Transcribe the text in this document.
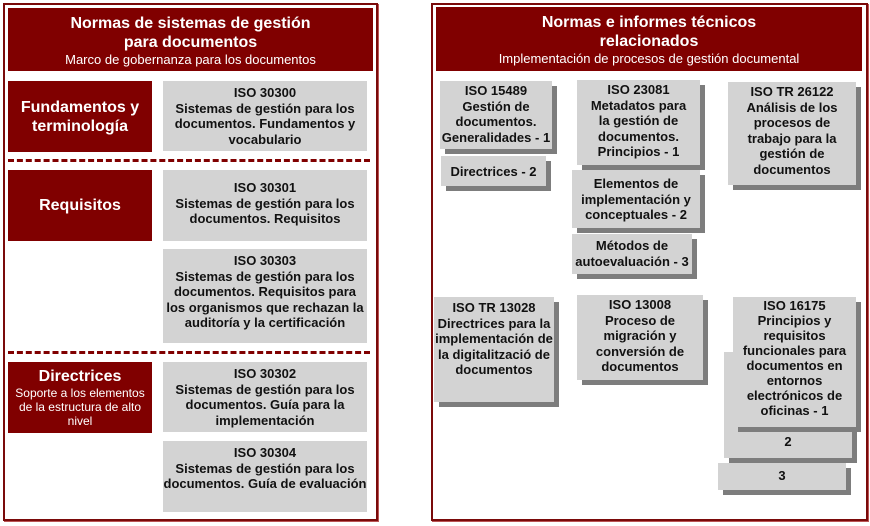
Normas de sistemas de gestión para documentos
Marco de gobernanza para los documentos
Fundamentos y terminología
ISO 30300
Sistemas de gestión para los documentos. Fundamentos y vocabulario
Requisitos
ISO 30301
Sistemas de gestión para los documentos. Requisitos
ISO 30303
Sistemas de gestión para los documentos. Requisitos para los organismos que rechazan la auditoría y la certificación
Directrices
Soporte a los elementos de la estructura de alto nivel
ISO 30302
Sistemas de gestión para los documentos. Guía para la implementación
ISO 30304
Sistemas de gestión para los documentos. Guía de evaluación
Normas e informes técnicos relacionados
Implementación de procesos de gestión documental
Directrices - 2
ISO 15489
Gestión de documentos. Generalidades - 1
Métodos de autoevaluación - 3
Elementos de implementación y conceptuales - 2
ISO 23081
Metadatos para la gestión de documentos. Principios - 1
ISO TR 26122
Análisis de los procesos de trabajo para la gestión de documentos
ISO TR 13028
Directrices para la implementación de la digitalització de documentos
ISO 13008
Proceso de migración y conversión de documentos
3
2
ISO 16175
Principios y requisitos funcionales para documentos en entornos electrónicos de oficinas - 1
